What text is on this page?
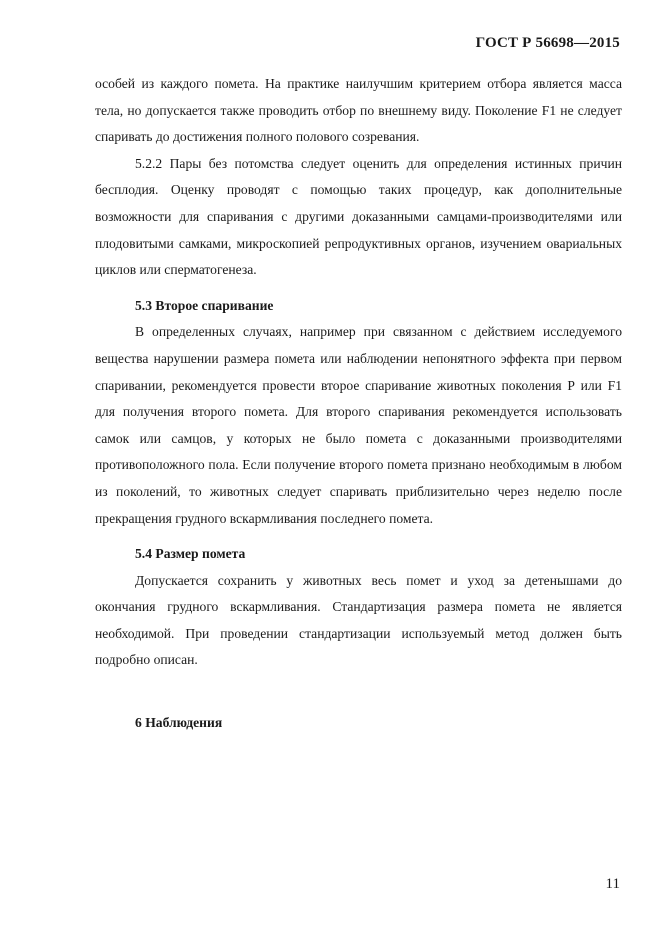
ГОСТ Р 56698—2015

особей из каждого помета. На практике наилучшим критерием отбора является масса тела, но допускается также проводить отбор по внешнему виду. Поколение F1 не следует спаривать до достижения полного полового созревания.

5.2.2 Пары без потомства следует оценить для определения истинных причин бесплодия. Оценку проводят с помощью таких процедур, как дополнительные возможности для спаривания с другими доказанными самцами-производителями или плодовитыми самками, микроскопией репродуктивных органов, изучением овариальных циклов или сперматогенеза.

5.3 Второе спаривание

В определенных случаях, например при связанном с действием исследуемого вещества нарушении размера помета или наблюдении непонятного эффекта при первом спаривании, рекомендуется провести второе спаривание животных поколения Р или F1 для получения второго помета. Для второго спаривания рекомендуется использовать самок или самцов, у которых не было помета с доказанными производителями противоположного пола. Если получение второго помета признано необходимым в любом из поколений, то животных следует спаривать приблизительно через неделю после прекращения грудного вскармливания последнего помета.

5.4 Размер помета

Допускается сохранить у животных весь помет и уход за детенышами до окончания грудного вскармливания. Стандартизация размера помета не является необходимой. При проведении стандартизации используемый метод должен быть подробно описан.

6 Наблюдения
11
